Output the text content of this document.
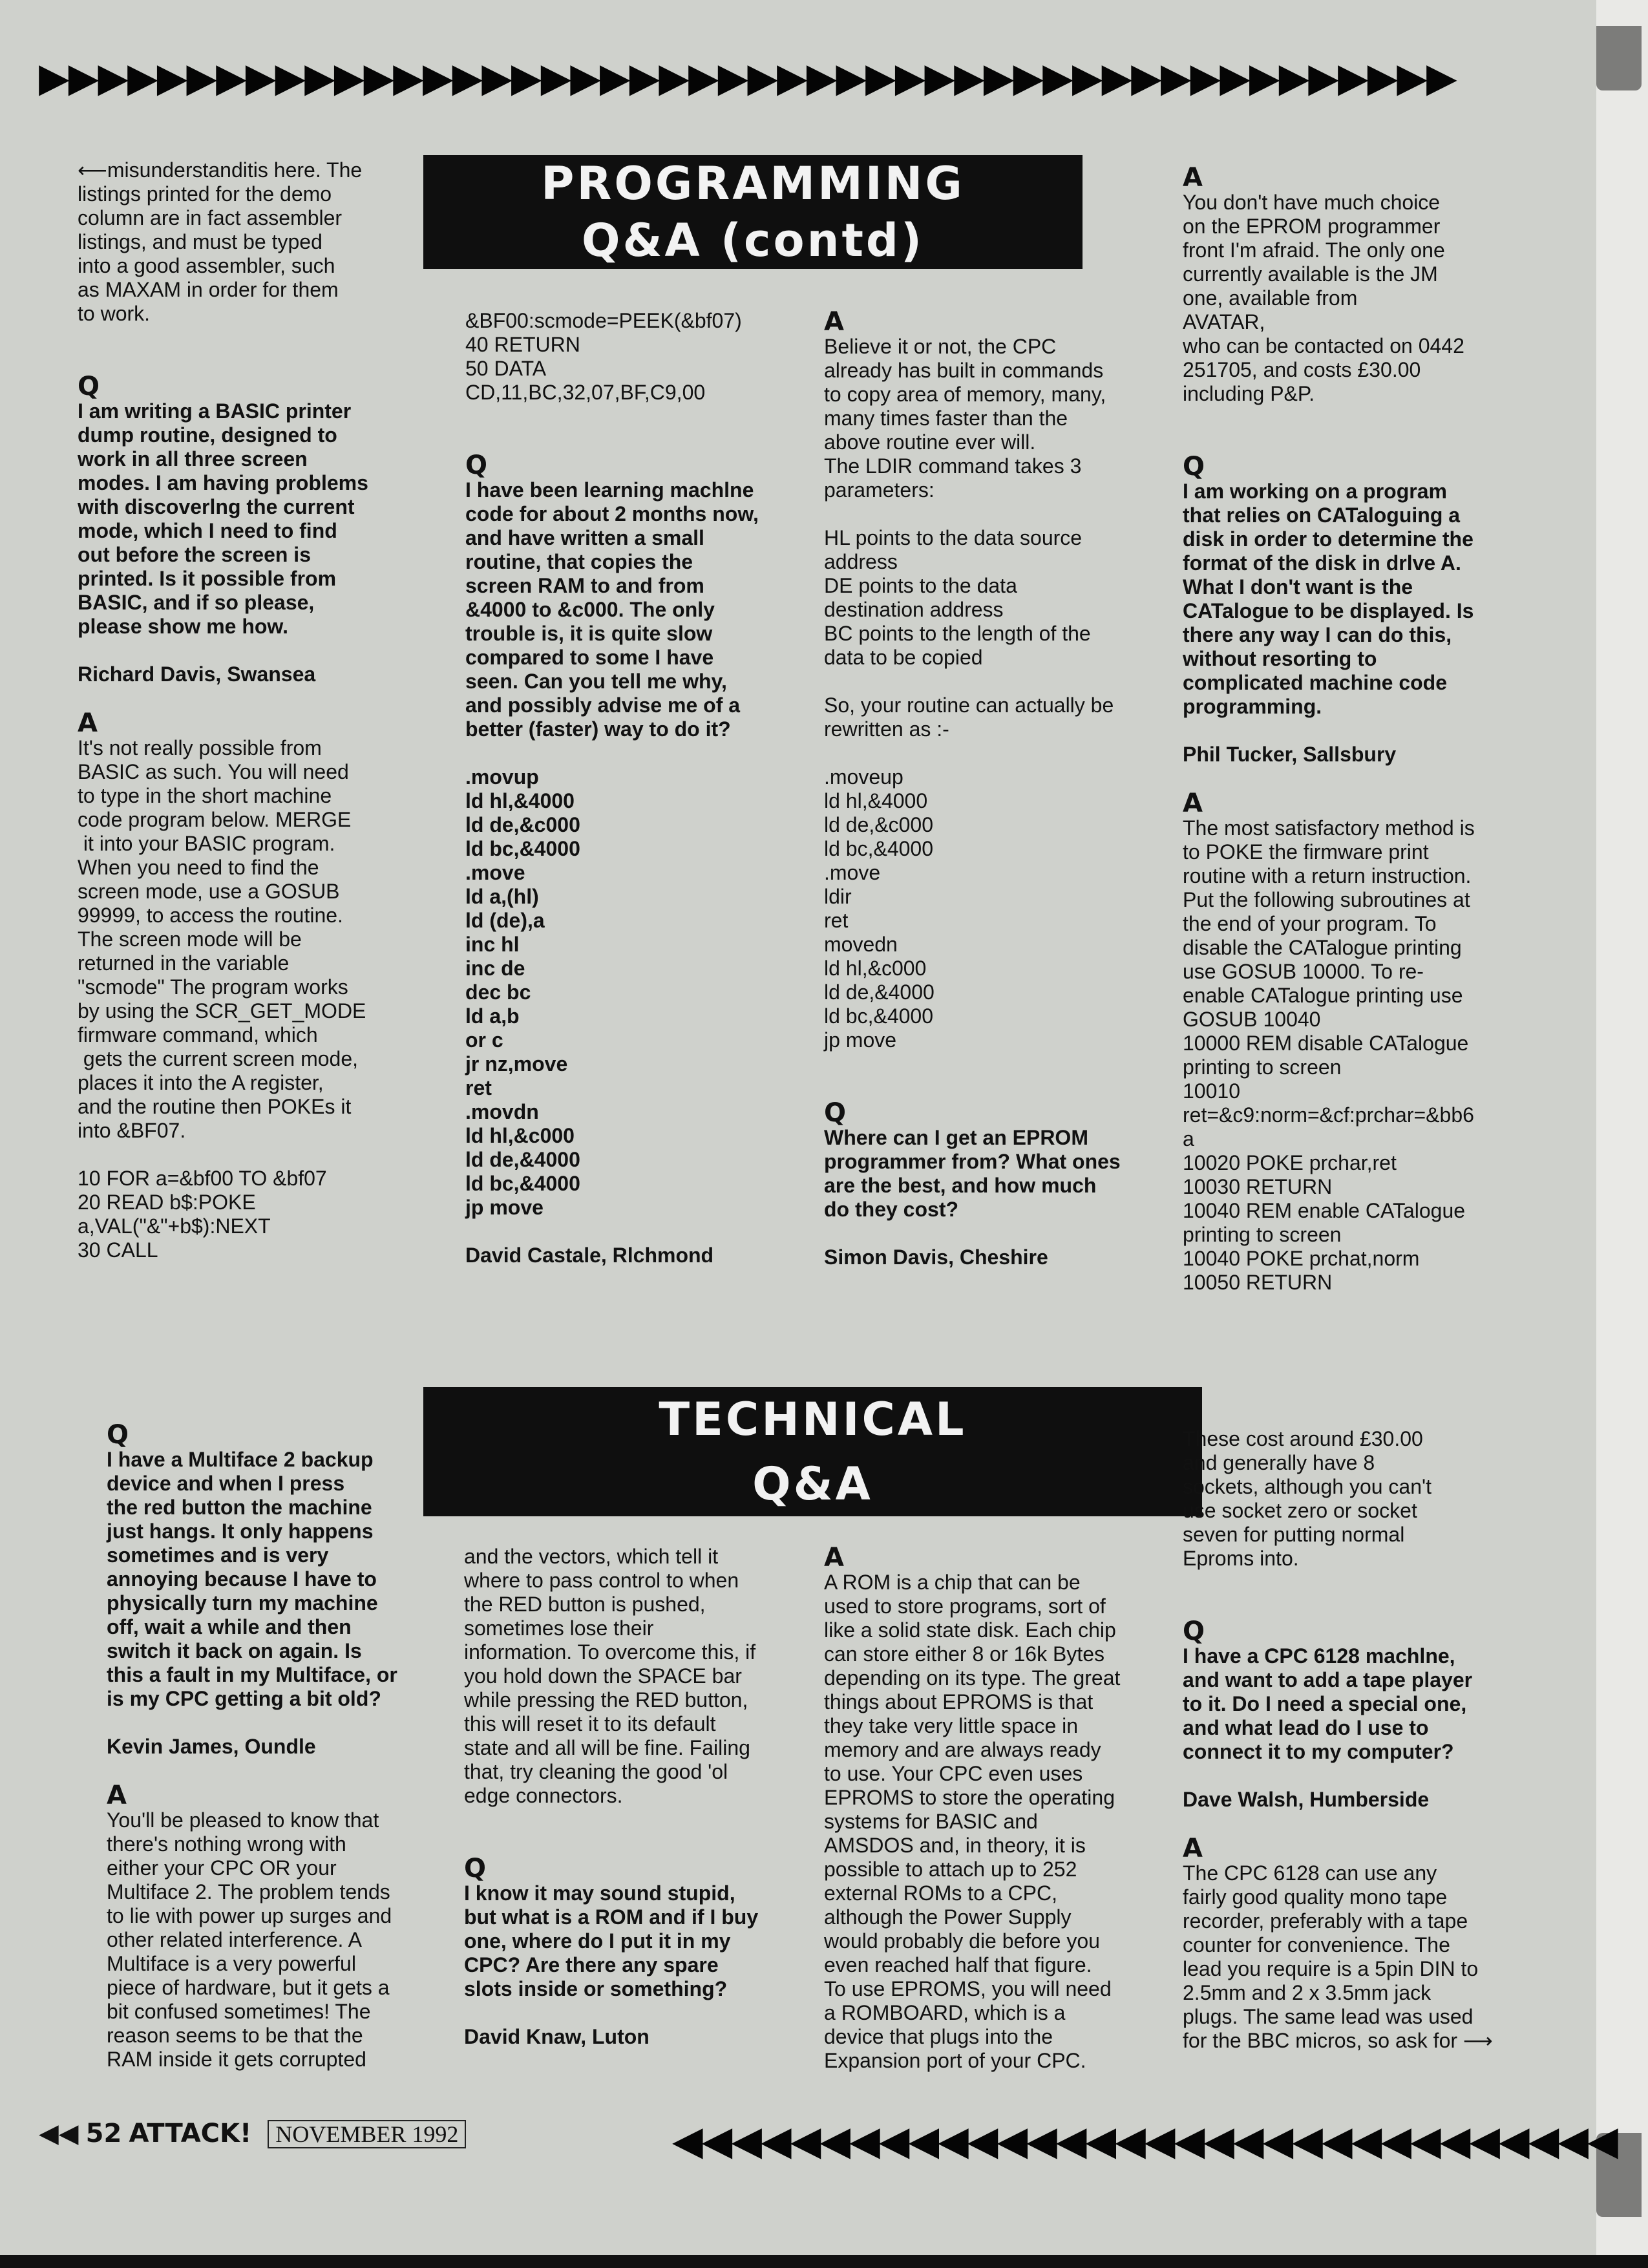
▶▶▶▶▶▶▶▶▶▶▶▶▶▶▶▶▶▶▶▶▶▶▶▶▶▶▶▶▶▶▶▶▶▶▶▶▶▶▶▶▶▶▶▶▶▶▶▶
PROGRAMMING
Q&A (contd)
TECHNICAL
Q&A

⟵misunderstanditis here. The
listings printed for the demo
column are in fact assembler
listings, and must be typed
into a good assembler, such
as MAXAM in order for them
to work.

Q

I am writing a BASIC printer
dump routine, designed to
work in all three screen
modes. I am having problems
with discoverlng the current
mode, which I need to find
out before the screen is
printed. Is it possible from
BASIC, and if so please,
please show me how.

Richard Davis, Swansea

A

It's not really possible from
BASIC as such. You will need
to type in the short machine
code program below. MERGE
it into your BASIC program.
When you need to find the
screen mode, use a GOSUB
99999, to access the routine.
The screen mode will be
returned in the variable
"scmode" The program works
by using the SCR_GET_MODE
firmware command, which
gets the current screen mode,
places it into the A register,
and the routine then POKEs it
into &BF07.

10 FOR a=&bf00 TO &bf07
20 READ b$:POKE
a,VAL("&"+b$):NEXT
30 CALL

&BF00:scmode=PEEK(&bf07)
40 RETURN
50 DATA
CD,11,BC,32,07,BF,C9,00

Q

I have been learning machlne
code for about 2 months now,
and have written a small
routine, that copies the
screen RAM to and from
&4000 to &c000. The only
trouble is, it is quite slow
compared to some I have
seen. Can you tell me why,
and possibly advise me of a
better (faster) way to do it?

.movup
ld hl,&4000
ld de,&c000
ld bc,&4000
.move
ld a,(hl)
ld (de),a
inc hl
inc de
dec bc
ld a,b
or c
jr nz,move
ret
.movdn
ld hl,&c000
ld de,&4000
ld bc,&4000
jp move

David Castale, Rlchmond

A

Believe it or not, the CPC
already has built in commands
to copy area of memory, many,
many times faster than the
above routine ever will.
The LDIR command takes 3
parameters:

HL points to the data source
address
DE points to the data
destination address
BC points to the length of the
data to be copied

So, your routine can actually be
rewritten as :-

.moveup
ld hl,&4000
ld de,&c000
ld bc,&4000
.move
ldir
ret
movedn
ld hl,&c000
ld de,&4000
ld bc,&4000
jp move

Q

Where can I get an EPROM
programmer from? What ones
are the best, and how much
do they cost?

Simon Davis, Cheshire

A

You don't have much choice
on the EPROM programmer
front I'm afraid. The only one
currently available is the JM
one, available from
AVATAR,
who can be contacted on 0442
251705, and costs £30.00
including P&P.

Q

I am working on a program
that relies on CATaloguing a
disk in order to determine the
format of the disk in drlve A.
What I don't want is the
CATalogue to be displayed. Is
there any way I can do this,
without resorting to
complicated machine code
programming.

Phil Tucker, Sallsbury

A

The most satisfactory method is
to POKE the firmware print
routine with a return instruction.
Put the following subroutines at
the end of your program. To
disable the CATalogue printing
use GOSUB 10000. To re-
enable CATalogue printing use
GOSUB 10040
10000 REM disable CATalogue
printing to screen
10010
ret=&c9:norm=&cf:prchar=&bb6
a
10020 POKE prchar,ret
10030 RETURN
10040 REM enable CATalogue
printing to screen
10040 POKE prchat,norm
10050 RETURN

Q

I have a Multiface 2 backup
device and when I press
the red button the machine
just hangs. It only happens
sometimes and is very
annoying because I have to
physically turn my machine
off, wait a while and then
switch it back on again. Is
this a fault in my Multiface, or
is my CPC getting a bit old?

Kevin James, Oundle

A

You'll be pleased to know that
there's nothing wrong with
either your CPC OR your
Multiface 2. The problem tends
to lie with power up surges and
other related interference. A
Multiface is a very powerful
piece of hardware, but it gets a
bit confused sometimes! The
reason seems to be that the
RAM inside it gets corrupted

and the vectors, which tell it
where to pass control to when
the RED button is pushed,
sometimes lose their
information. To overcome this, if
you hold down the SPACE bar
while pressing the RED button,
this will reset it to its default
state and all will be fine. Failing
that, try cleaning the good 'ol
edge connectors.

Q

I know it may sound stupid,
but what is a ROM and if I buy
one, where do I put it in my
CPC? Are there any spare
slots inside or something?

David Knaw, Luton

A

A ROM is a chip that can be
used to store programs, sort of
like a solid state disk. Each chip
can store either 8 or 16k Bytes
depending on its type. The great
things about EPROMS is that
they take very little space in
memory and are always ready
to use. Your CPC even uses
EPROMS to store the operating
systems for BASIC and
AMSDOS and, in theory, it is
possible to attach up to 252
external ROMs to a CPC,
although the Power Supply
would probably die before you
even reached half that figure.
To use EPROMS, you will need
a ROMBOARD, which is a
device that plugs into the
Expansion port of your CPC.

These cost around £30.00
and generally have 8
sockets, although you can't
use socket zero or socket
seven for putting normal
Eproms into.

Q

I have a CPC 6128 machlne,
and want to add a tape player
to it. Do I need a special one,
and what lead do I use to
connect it to my computer?

Dave Walsh, Humberside

A

The CPC 6128 can use any
fairly good quality mono tape
recorder, preferably with a tape
counter for convenience. The
lead you require is a 5pin DIN to
2.5mm and 2 x 3.5mm jack
plugs. The same lead was used
for the BBC micros, so ask for ⟶

◀◀ 52 ATTACK! NOVEMBER 1992	◀◀◀◀◀◀◀◀◀◀◀◀◀◀◀◀◀◀◀◀◀◀◀◀◀◀◀◀◀◀◀◀
